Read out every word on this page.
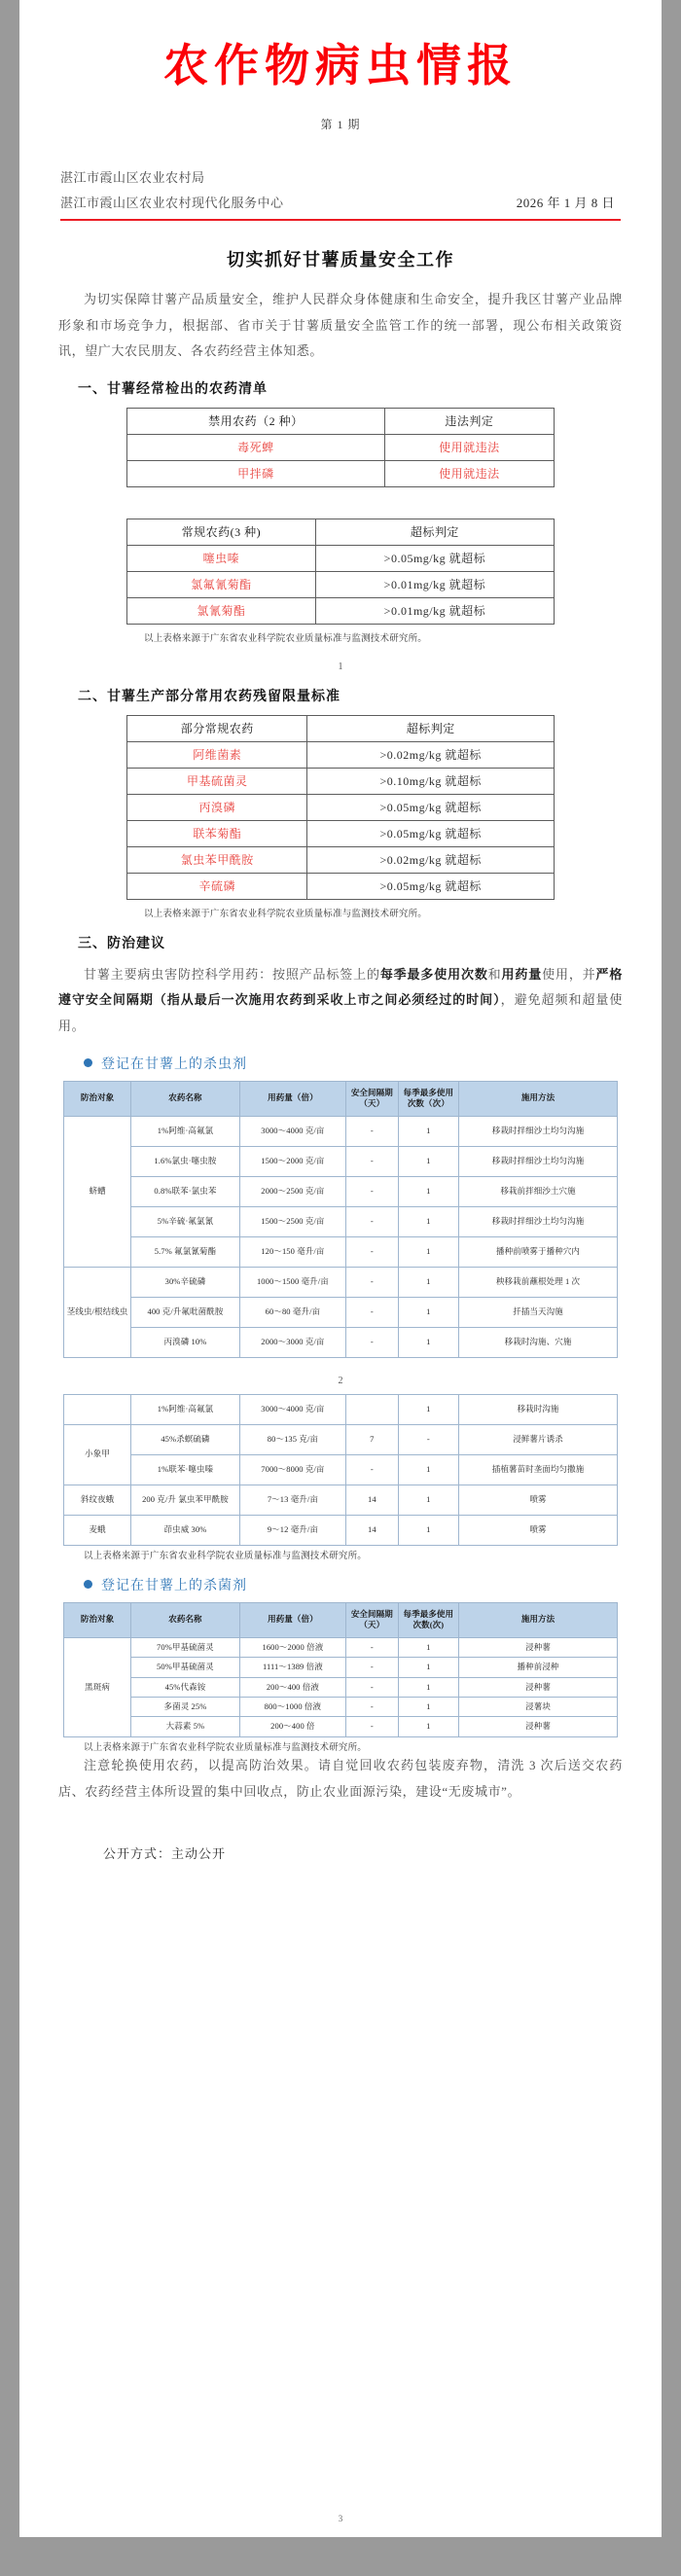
农作物病虫情报
第 1 期
湛江市霞山区农业农村局
湛江市霞山区农业农村现代化服务中心	2026 年 1 月 8 日
切实抓好甘薯质量安全工作

为切实保障甘薯产品质量安全，维护人民群众身体健康和生命安全，提升我区甘薯产业品牌形象和市场竞争力，根据部、省市关于甘薯质量安全监管工作的统一部署，现公布相关政策资讯，望广大农民朋友、各农药经营主体知悉。

一、甘薯经常检出的农药清单
禁用农药（2 种）	违法判定
毒死蜱	使用就违法
甲拌磷	使用就违法
常规农药(3 种)	超标判定
噻虫嗪	>0.05mg/kg 就超标
氯氟氰菊酯	>0.01mg/kg 就超标
氯氰菊酯	>0.01mg/kg 就超标
以上表格来源于广东省农业科学院农业质量标准与监测技术研究所。
1
二、甘薯生产部分常用农药残留限量标准
部分常规农药	超标判定
阿维菌素	>0.02mg/kg 就超标
甲基硫菌灵	>0.10mg/kg 就超标
丙溴磷	>0.05mg/kg 就超标
联苯菊酯	>0.05mg/kg 就超标
氯虫苯甲酰胺	>0.02mg/kg 就超标
辛硫磷	>0.05mg/kg 就超标
以上表格来源于广东省农业科学院农业质量标准与监测技术研究所。
三、防治建议

甘薯主要病虫害防控科学用药：按照产品标签上的每季最多使用次数和用药量使用，并严格遵守安全间隔期（指从最后一次施用农药到采收上市之间必须经过的时间），避免超频和超量使用。

登记在甘薯上的杀虫剂
防治对象	农药名称	用药量（倍）	安全间隔期（天）	每季最多使用次数（次）	施用方法
蛴螬	1%阿维·高氟氯	3000～4000 克/亩	-	1	移栽时拌细沙土均匀沟施
	1.6%氯虫·噻虫胺	1500～2000 克/亩	-	1	移栽时拌细沙土均匀沟施
	0.8%联苯·氯虫苯	2000～2500 克/亩	-	1	移栽前拌细沙土穴施
	5%辛硫·氟氯氰	1500～2500 克/亩	-	1	移栽时拌细沙土均匀沟施
	5.7% 氟氯氰菊酯	120～150 毫升/亩	-	1	播种前喷雾于播种穴内
茎线虫/根结线虫	30%辛硫磷	1000～1500 毫升/亩	-	1	秧移栽前蘸根处理 1 次
	400 克/升氟吡菌酰胺	60～80 毫升/亩	-	1	扦插当天沟施
	丙溴磷 10%	2000～3000 克/亩	-	1	移栽时沟施、穴施
2
	1%阿维·高氟氯	3000～4000 克/亩		1	移栽时沟施
小象甲	45%杀螟硫磷	80～135 克/亩	7	-	浸鲜薯片诱杀
	1%联苯·噻虫嗪	7000～8000 克/亩	-	1	插植薯苗时垄面均匀撒施
斜纹夜蛾	200 克/升 氯虫苯甲酰胺	7～13 毫升/亩	14	1	喷雾
麦蛾	茚虫威 30%	9～12 毫升/亩	14	1	喷雾
以上表格来源于广东省农业科学院农业质量标准与监测技术研究所。
登记在甘薯上的杀菌剂
防治对象	农药名称	用药量（倍）	安全间隔期（天）	每季最多使用次数(次)	施用方法
黑斑病	70%甲基硫菌灵	1600～2000 倍液	-	1	浸种薯
	50%甲基硫菌灵	1111～1389 倍液	-	1	播种前浸种
	45%代森铵	200～400 倍液	-	1	浸种薯
	多菌灵 25%	800～1000 倍液	-	1	浸薯块
	大蒜素 5%	200～400 倍	-	1	浸种薯
以上表格来源于广东省农业科学院农业质量标准与监测技术研究所。

注意轮换使用农药，以提高防治效果。请自觉回收农药包装废弃物，清洗 3 次后送交农药店、农药经营主体所设置的集中回收点，防止农业面源污染，建设“无废城市”。

公开方式：主动公开
3
